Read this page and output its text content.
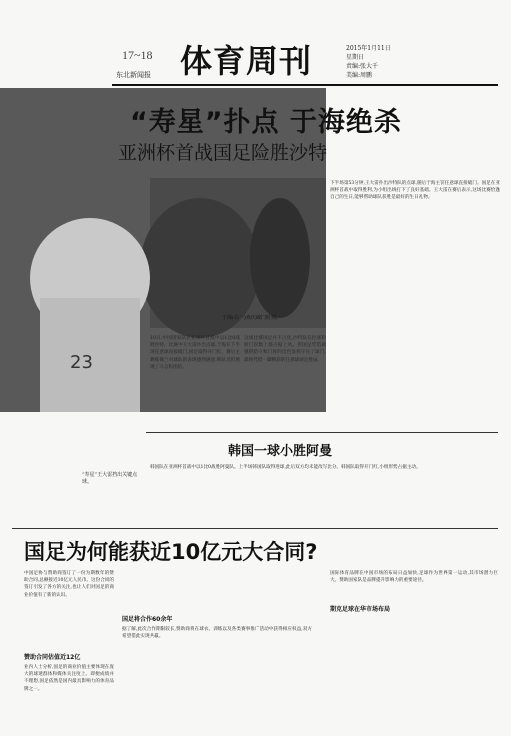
17~18
东北新闻报 体育周刊	2015年1月11日
星期日
责编:张大千
美编:周鹏
23
“寿星”扑点 于海绝杀
亚洲杯首战国足险胜沙特
于海(右一)欢庆破门时刻。
“寿星”王大雷挡出关键点球。
下半场第53分钟,王大雷扑出沙特队的点球,随后于海主罚任意球直接破门。国足在亚洲杯首战中取得胜利,为小组出线打下了良好基础。王大雷在赛后表示,这场比赛恰逢自己的生日,能够帮助球队获胜是最好的生日礼物。
10日,中国国家队在亚洲杯首战中以1比0战胜沙特。比赛中王大雷扑出点球,于海在下半场任意球直接破门,国足取得开门红。赛后主教练佩兰对球队的表现感到满意,称队员们展现了斗志和团结。
这场比赛国足并不占优,沙特队在控球和射门次数上都占据上风。但国足凭借顽强的防守和门将的出色发挥守住了球门,最终凭借一脚精彩的任意球锁定胜局。
韩国一球小胜阿曼
韩国队在亚洲杯首战中以1比0战胜阿曼队。上半场韩国队取得进球,此后双方均未能改写比分。韩国队取得开门红,小组形势占据主动。
国足为何能获近10亿元大合同?
中国足协与赞助商签订了一份为期数年的赞助合同,总额接近10亿元人民币。这份合同的签订引发了各方的关注,也让人们对国足的商业价值有了新的认识。
赞助合同估值近12亿
业内人士分析,国足的商业价值主要体现在庞大的球迷群体和媒体关注度上。即便成绩并不理想,国足依然是国内最具影响力的体育品牌之一。
国足将合作60余年
据了解,此次合作期限较长,赞助商将在球衣、训练以及各类赛事推广活动中获得相应权益,双方希望借此实现共赢。
期克足球在华市场布局
国际体育品牌在中国市场的布局日益加快,足球作为世界第一运动,其市场潜力巨大。赞助国家队是品牌提升影响力的重要途径。
